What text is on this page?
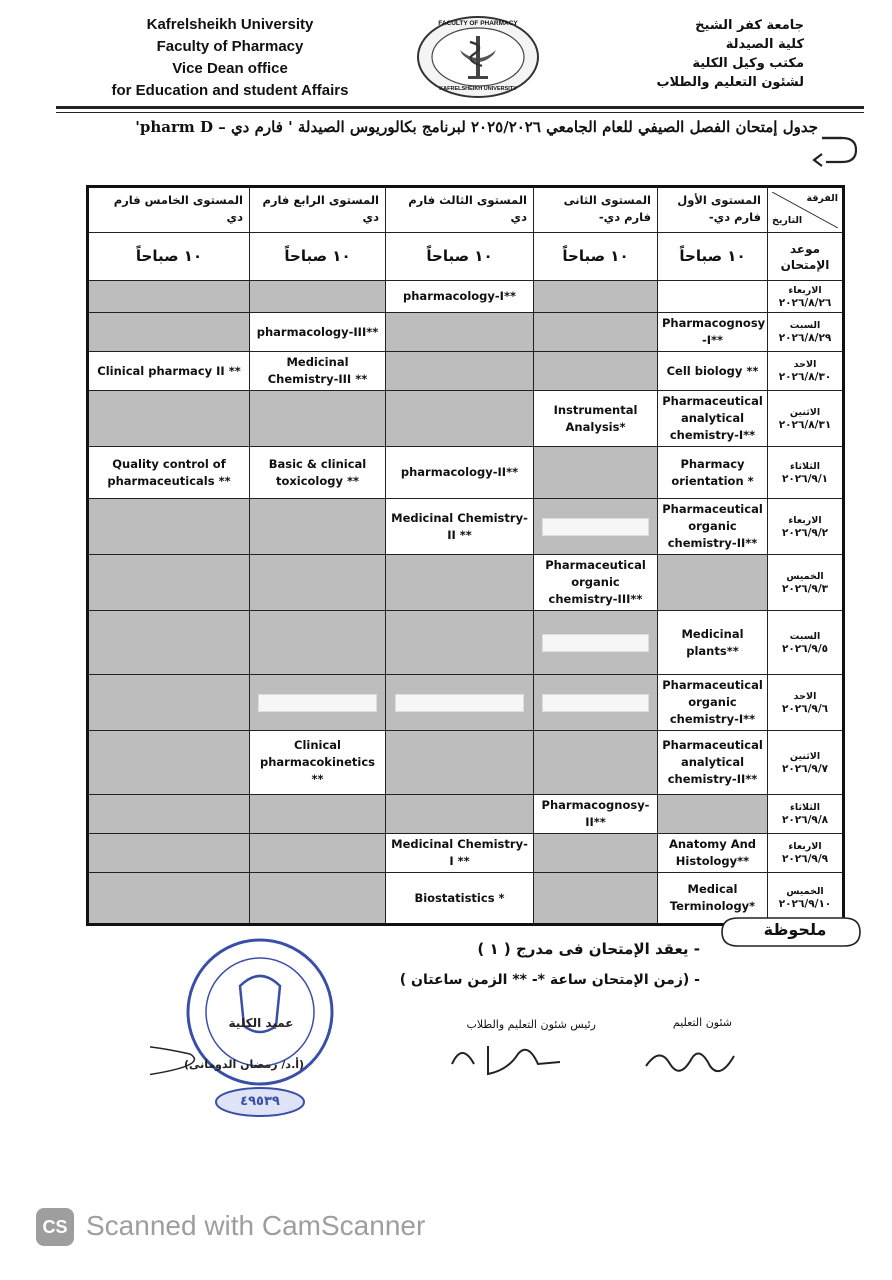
Kafrelsheikh University
Faculty of Pharmacy
Vice Dean office
for Education and student Affairs
FACULTY OF PHARMACY
KAFRELSHEIKH UNIVERSITY
جامعة كفر الشيخ
كلية الصيدلة
مكتب وكيل الكلية
لشئون التعليم والطلاب
جدول إمتحان الفصل الصيفي للعام الجامعي ٢٠٢٥/٢٠٢٦ لبرنامج بكالوريوس الصيدلة ' فارم دي – pharm D'
الفرقة
التاريخ	المستوى الأول فارم دي-	المستوى الثانى فارم دي-	المستوى الثالث فارم دي	المستوى الرابع فارم دي	المستوى الخامس فارم دي
موعد الإمتحان	١٠ صباحاً	١٠ صباحاً	١٠ صباحاً	١٠ صباحاً	١٠ صباحاً

الاربعاء
٢٠٢٦/٨/٢٦			pharmacology-I**		

السبت
٢٠٢٦/٨/٢٩	Pharmacognosy -I**			pharmacology-III**	

الاحد
٢٠٢٦/٨/٣٠	Cell biology **			Medicinal Chemistry-III **	Clinical pharmacy II **

الاثنين
٢٠٢٦/٨/٣١	Pharmaceutical analytical chemistry-I**	Instrumental Analysis*			

الثلاثاء
٢٠٢٦/٩/١	Pharmacy orientation *		pharmacology-II**	Basic & clinical toxicology **	Quality control of pharmaceuticals **

الاربعاء
٢٠٢٦/٩/٢	Pharmaceutical organic chemistry-II**		Medicinal Chemistry-II **		

الخميس
٢٠٢٦/٩/٣		Pharmaceutical organic chemistry-III**			

السبت
٢٠٢٦/٩/٥	Medicinal plants**	

الاحد
٢٠٢٦/٩/٦	Pharmaceutical organic chemistry-I**	

الاثنين
٢٠٢٦/٩/٧	Pharmaceutical analytical chemistry-II**			Clinical pharmacokinetics **	

الثلاثاء
٢٠٢٦/٩/٨		Pharmacognosy-II**			

الاربعاء
٢٠٢٦/٩/٩	Anatomy And Histology**		Medicinal Chemistry-I **		

الخميس
٢٠٢٦/٩/١٠	Medical Terminology*		Biostatistics *		
ملحوظة
- يعقد الإمتحان فى مدرج ( ١ )
- (زمن الإمتحان ساعة *- ** الزمن ساعتان )
شئون التعليم
رئيس شئون التعليم والطلاب
عميد الكلية
(أ.د/ رمضان الدومانى)
٤٩٥٣٩
CS Scanned with CamScanner
